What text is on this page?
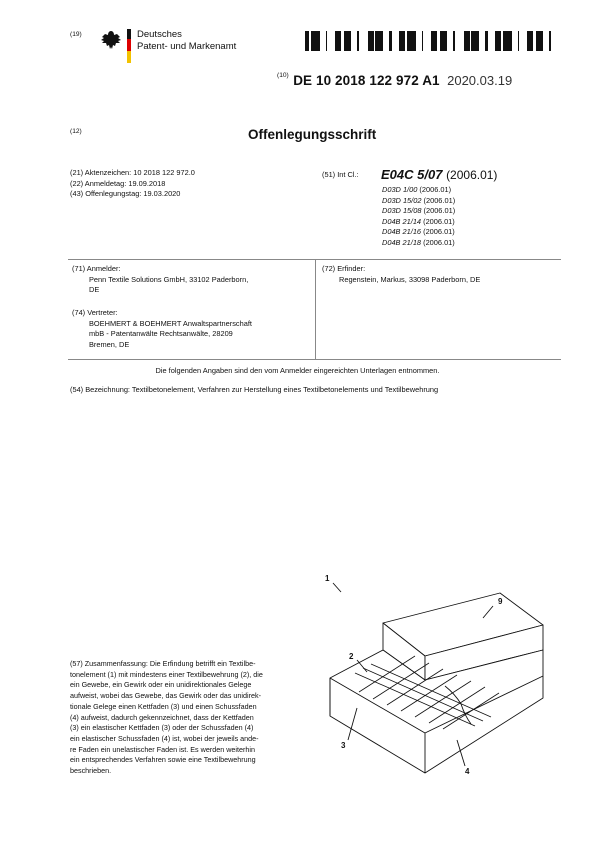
(19)	Deutsches
Patent- und Markenamt
$^{(10)}$ DE 10 2018 122 972 A1 2020.03.19
(12)	Offenlegungsschrift
(21) Aktenzeichen: 10 2018 122 972.0
(22) Anmeldetag: 19.09.2018
(43) Offenlegungstag: 19.03.2020
(51) Int Cl.: E04C 5/07 (2006.01)
D03D 1/00 (2006.01)
D03D 15/02 (2006.01)
D03D 15/08 (2006.01)
D04B 21/14 (2006.01)
D04B 21/16 (2006.01)
D04B 21/18 (2006.01)
(71) Anmelder:
Penn Textile Solutions GmbH, 33102 Paderborn,
DE
(74) Vertreter:
BOEHMERT & BOEHMERT Anwaltspartnerschaft
mbB - Patentanwälte Rechtsanwälte, 28209
Bremen, DE
(72) Erfinder:
Regenstein, Markus, 33098 Paderborn, DE
Die folgenden Angaben sind den vom Anmelder eingereichten Unterlagen entnommen.
(54) Bezeichnung: Textilbetonelement, Verfahren zur Herstellung eines Textilbetonelements und Textilbewehrung
(57) Zusammenfassung: Die Erfindung betrifft ein Textilbe-
tonelement (1) mit mindestens einer Textilbewehrung (2), die
ein Gewebe, ein Gewirk oder ein unidirektionales Gelege
aufweist, wobei das Gewebe, das Gewirk oder das unidirek-
tionale Gelege einen Kettfaden (3) und einen Schussfaden
(4) aufweist, dadurch gekennzeichnet, dass der Kettfaden
(3) ein elastischer Kettfaden (3) oder der Schussfaden (4)
ein elastischer Schussfaden (4) ist, wobei der jeweils ande-
re Faden ein unelastischer Faden ist. Es werden weiterhin
ein entsprechendes Verfahren sowie eine Textilbewehrung
beschrieben.
1
9
2
3
4
